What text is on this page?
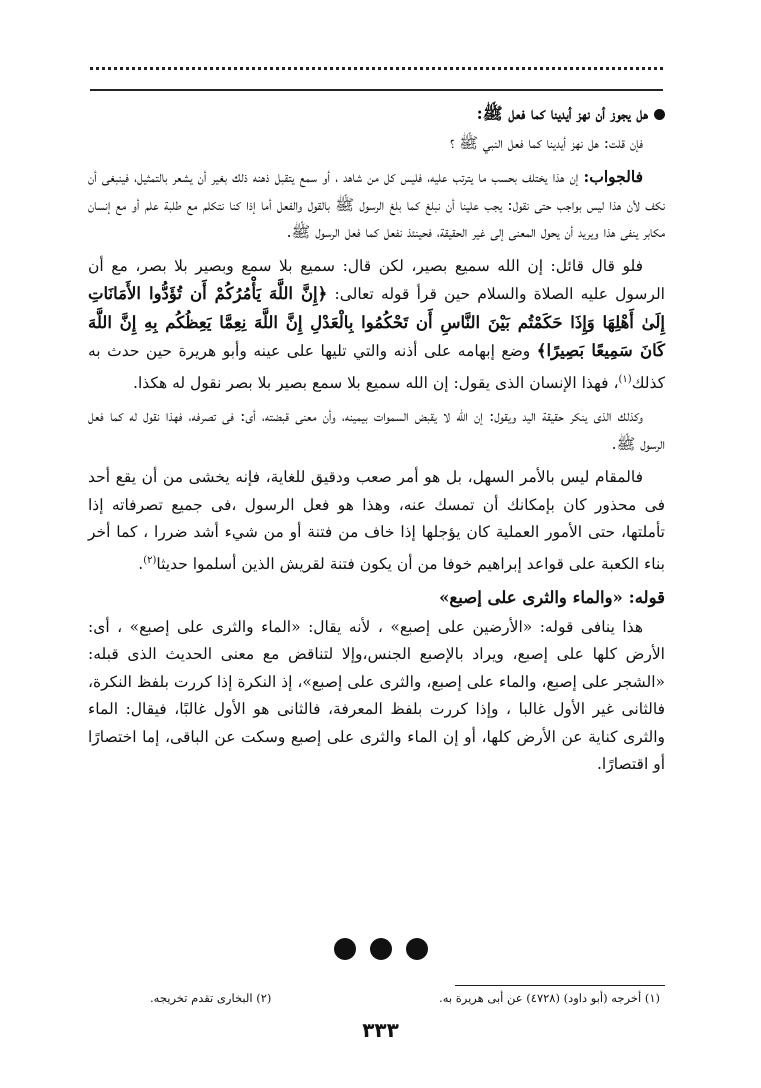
هل يجوز أن نهز أيدينا كما فعل ﷺ:

فإن قلت: هل نهز أيدينا كما فعل النبي ﷺ ؟

فالجواب: إن هذا يختلف بحسب ما يترتب عليه، فليس كل من شاهد ، أو سمع يتقبل ذهنه ذلك بغير أن يشعر بالتمثيل، فينبغى أن نكف لأن هذا ليس بواجب حتى نقول: يجب علينا أن نبلغ كما بلغ الرسول ﷺ بالقول والفعل أما إذا كنا نتكلم مع طلبة علم أو مع إنسان مكابر ينفى هذا ويريد أن يحول المعنى إلى غير الحقيقة، فحينئذ نفعل كما فعل الرسول ﷺ.

فلو قال قائل: إن الله سميع بصير، لكن قال: سميع بلا سمع وبصير بلا بصر، مع أن الرسول عليه الصلاة والسلام حين قرأ قوله تعالى: ﴿إِنَّ اللَّهَ يَأْمُرُكُمْ أَن تُؤَدُّوا الأَمَانَاتِ إِلَىٰ أَهْلِهَا وَإِذَا حَكَمْتُم بَيْنَ النَّاسِ أَن تَحْكُمُوا بِالْعَدْلِ إِنَّ اللَّهَ نِعِمَّا يَعِظُكُم بِهِ إِنَّ اللَّهَ كَانَ سَمِيعًا بَصِيرًا﴾ وضع إبهامه على أذنه والتي تليها على عينه وأبو هريرة حين حدث به كذلك$^{(١)}$، فهذا الإنسان الذى يقول: إن الله سميع بلا سمع بصير بلا بصر نقول له هكذا.

وكذلك الذى ينكر حقيقة اليد ويقول: إن الله لا يقبض السموات بيمينه، وأن معنى قبضته، أى: فى تصرفه، فهذا نقول له كما فعل الرسول ﷺ.

فالمقام ليس بالأمر السهل، بل هو أمر صعب ودقيق للغاية، فإنه يخشى من أن يقع أحد فى محذور كان بإمكانك أن تمسك عنه، وهذا هو فعل الرسول ،فى جميع تصرفاته إذا تأملتها، حتى الأمور العملية كان يؤجلها إذا خاف من فتنة أو من شيء أشد ضررا ، كما أخر بناء الكعبة على قواعد إبراهيم خوفا من أن يكون فتنة لقريش الذين أسلموا حديثا$^{(٢)}$.

قوله: «والماء والثرى على إصبع»

هذا ينافى قوله: «الأرضين على إصبع» ، لأنه يقال: «الماء والثرى على إصبع» ، أى: الأرض كلها على إصبع، ويراد بالإصبع الجنس،وإلا لتناقض مع معنى الحديث الذى قبله: «الشجر على إصبع، والماء على إصبع، والثرى على إصبع»، إذ النكرة إذا كررت بلفظ النكرة، فالثانى غير الأول غالبا ، وإذا كررت بلفظ المعرفة، فالثانى هو الأول غالبًا، فيقال: الماء والثرى كناية عن الأرض كلها، أو إن الماء والثرى على إصبع وسكت عن الباقى، إما اختصارًا أو اقتصارًا.

(١) أخرجه (أبو داود) (٤٧٢٨) عن أبى هريرة به.
(٢) البخارى تقدم تخريجه.
٣٣٣
